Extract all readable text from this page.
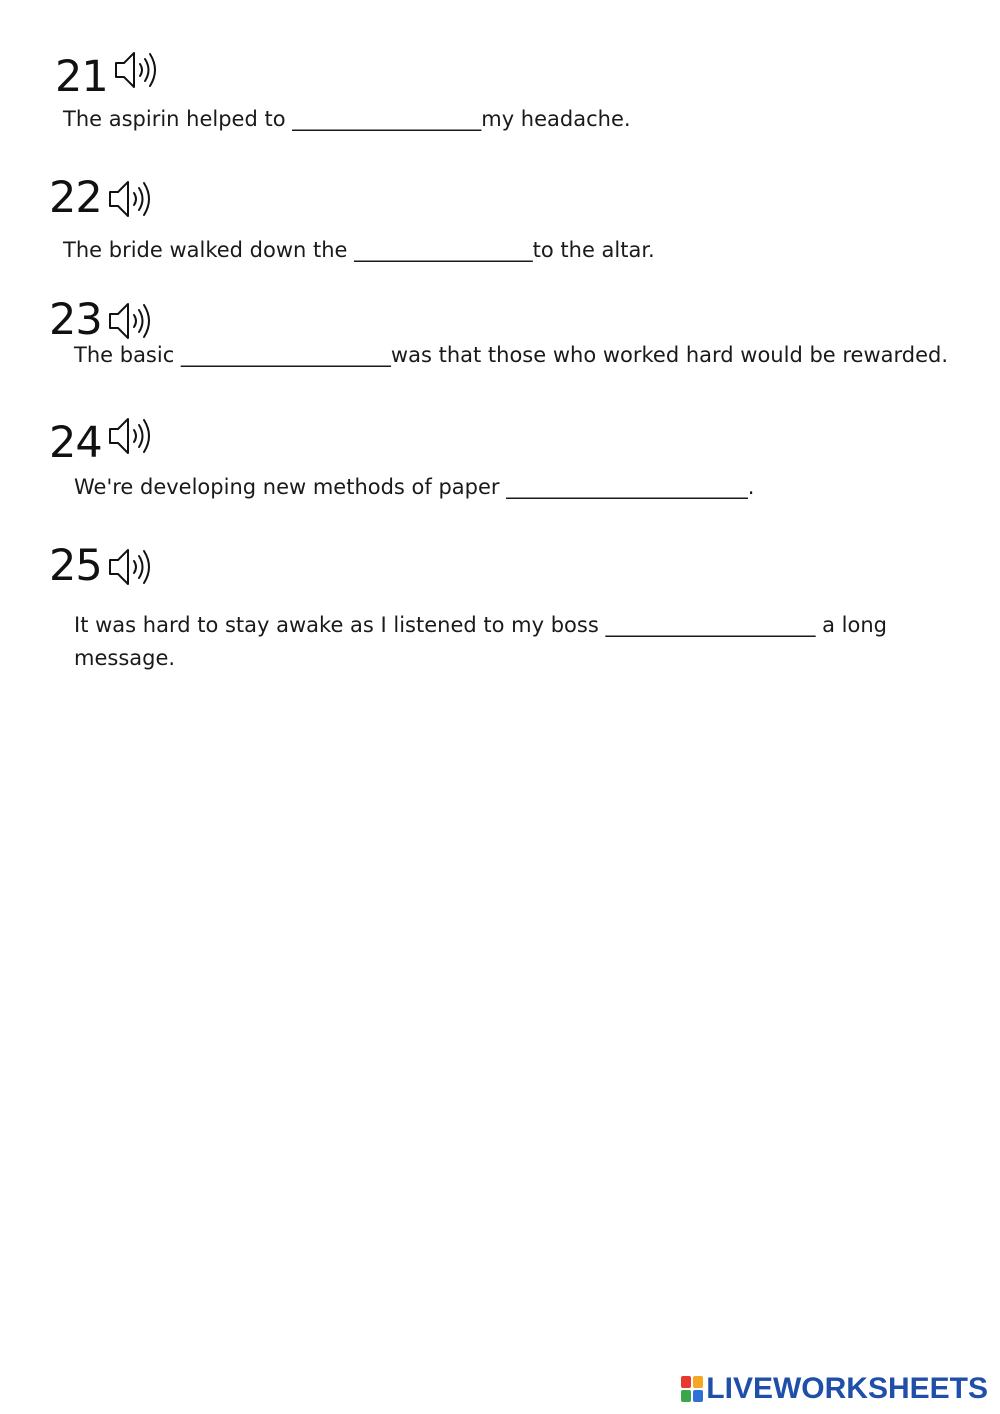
21
The aspirin helped to __________________my headache.
22
The bride walked down the _________________to the altar.
23
The basic ____________________was that those who worked hard would be rewarded.
24
We're developing new methods of paper _______________________.
25
It was hard to stay awake as I listened to my boss ____________________ a long message.
LIVEWORKSHEETS
